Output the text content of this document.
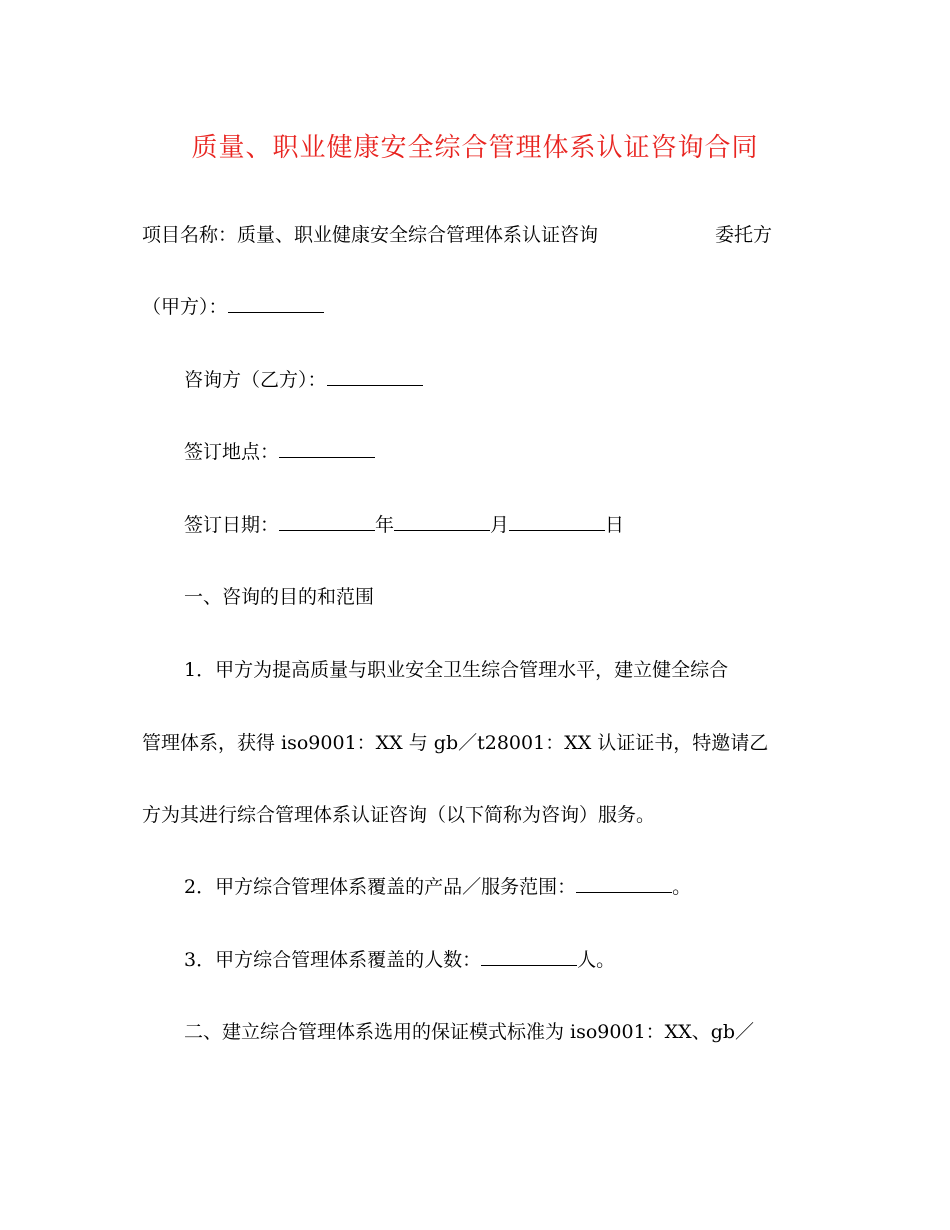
质量、职业健康安全综合管理体系认证咨询合同
项目名称：质量、职业健康安全综合管理体系认证咨询	委托方
（甲方）：
咨询方（乙方）：
签订地点：
签订日期：	年	月	日
一、咨询的目的和范围
1．甲方为提高质量与职业安全卫生综合管理水平，建立健全综合
管理体系，获得 iso9001：XX 与 gb／t28001：XX 认证证书，特邀请乙
方为其进行综合管理体系认证咨询（以下简称为咨询）服务。
2．甲方综合管理体系覆盖的产品／服务范围：	。
3．甲方综合管理体系覆盖的人数：	人。
二、建立综合管理体系选用的保证模式标准为 iso9001：XX、gb／
